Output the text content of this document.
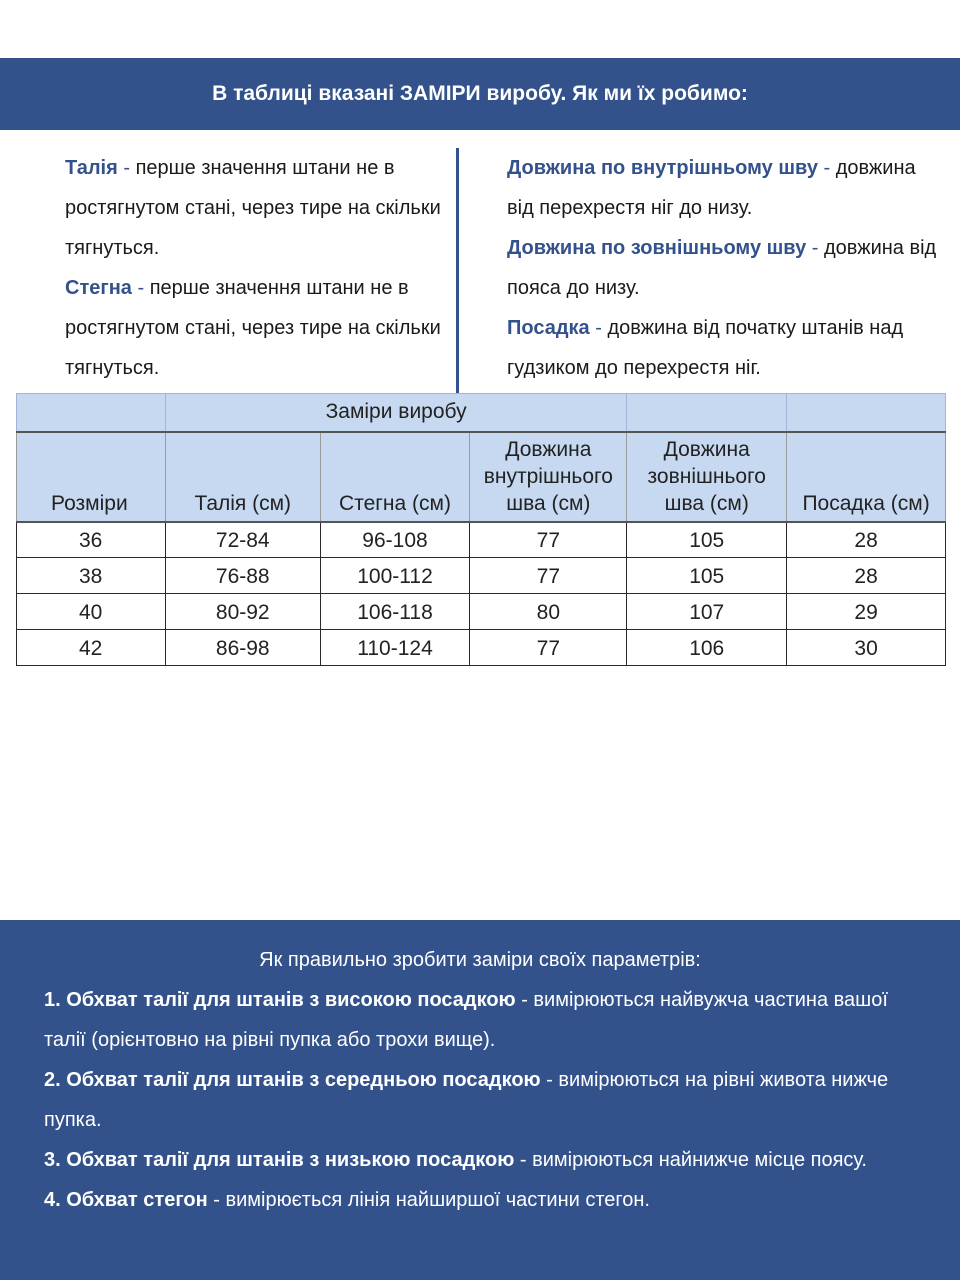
В таблиці вказані ЗАМІРИ виробу. Як ми їх робимо:
Талія - перше значення штани не в ростягнутом стані, через тире на скільки тягнуться.
Стегна - перше значення штани не в ростягнутом стані, через тире на скільки тягнуться.
Довжина по внутрішньому шву - довжина від перехрестя ніг до низу.
Довжина по зовнішньому шву - довжина від пояса до низу.
Посадка - довжина від початку штанів над гудзиком до перехрестя ніг.
	Заміри виробу				
Розміри	Талія (см)	Стегна (см)	Довжина
внутрішнього
шва (см)	Довжина
зовнішнього
шва (см)	Посадка (см)
36	72-84	96-108	77	105	28
38	76-88	100-112	77	105	28
40	80-92	106-118	80	107	29
42	86-98	110-124	77	106	30
Як правильно зробити заміри своїх параметрів:
1. Обхват талії для штанів з високою посадкою - вимірюються найвужча частина вашої талії (орієнтовно на рівні пупка або трохи вище).
2. Обхват талії для штанів з середньою посадкою - вимірюються на рівні живота нижче пупка.
3. Обхват талії для штанів з низькою посадкою - вимірюються найнижче місце поясу.
4. Обхват стегон - вимірюється лінія найширшої частини стегон.
